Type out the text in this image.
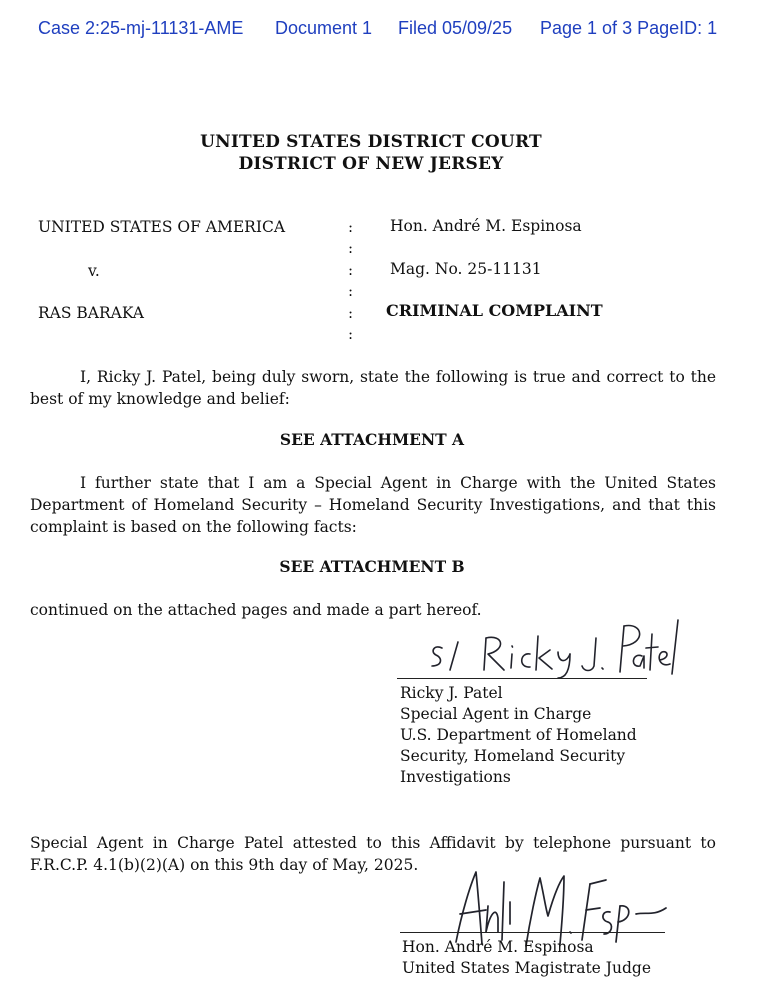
Case 2:25-mj-11131-AME Document 1 Filed 05/09/25 Page 1 of 3 PageID: 1
UNITED STATES DISTRICT COURT
DISTRICT OF NEW JERSEY
UNITED STATES OF AMERICA
v.
RAS BARAKA
:
:
:
:
:
:
Hon. André M. Espinosa
Mag. No. 25-11131
CRIMINAL COMPLAINT
I, Ricky J. Patel, being duly sworn, state the following is true and correct to the best of my knowledge and belief:
SEE ATTACHMENT A
I further state that I am a Special Agent in Charge with the United States Department of Homeland Security – Homeland Security Investigations, and that this complaint is based on the following facts:
SEE ATTACHMENT B
continued on the attached pages and made a part hereof.
Ricky J. Patel
Special Agent in Charge
U.S. Department of Homeland
Security, Homeland Security
Investigations
Special Agent in Charge Patel attested to this Affidavit by telephone pursuant to F.R.C.P. 4.1(b)(2)(A) on this 9th day of May, 2025.
Hon. André M. Espinosa
United States Magistrate Judge
